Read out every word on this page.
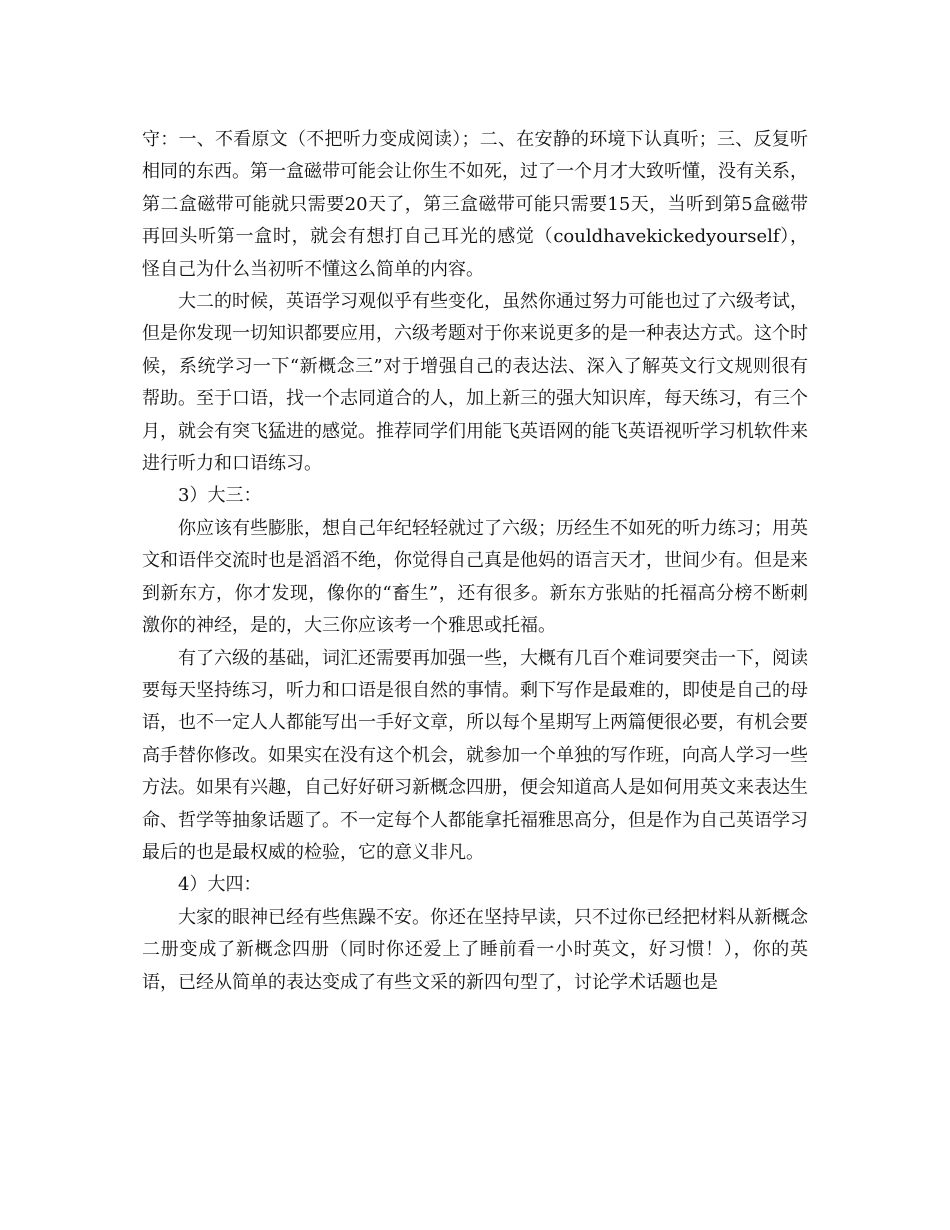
守：一、不看原文（不把听力变成阅读）；二、在安静的环境下认真听；三、反复听相同的东西。第一盒磁带可能会让你生不如死，过了一个月才大致听懂，没有关系，第二盒磁带可能就只需要20天了，第三盒磁带可能只需要15天，当听到第5盒磁带再回头听第一盒时，就会有想打自己耳光的感觉（couldhavekickedyourself），怪自己为什么当初听不懂这么简单的内容。

大二的时候，英语学习观似乎有些变化，虽然你通过努力可能也过了六级考试，但是你发现一切知识都要应用，六级考题对于你来说更多的是一种表达方式。这个时候，系统学习一下“新概念三”对于增强自己的表达法、深入了解英文行文规则很有帮助。至于口语，找一个志同道合的人，加上新三的强大知识库，每天练习，有三个月，就会有突飞猛进的感觉。推荐同学们用能飞英语网的能飞英语视听学习机软件来进行听力和口语练习。

3）大三：

你应该有些膨胀，想自己年纪轻轻就过了六级；历经生不如死的听力练习；用英文和语伴交流时也是滔滔不绝，你觉得自己真是他妈的语言天才，世间少有。但是来到新东方，你才发现，像你的“畜生”，还有很多。新东方张贴的托福高分榜不断刺激你的神经，是的，大三你应该考一个雅思或托福。

有了六级的基础，词汇还需要再加强一些，大概有几百个难词要突击一下，阅读要每天坚持练习，听力和口语是很自然的事情。剩下写作是最难的，即使是自己的母语，也不一定人人都能写出一手好文章，所以每个星期写上两篇便很必要，有机会要高手替你修改。如果实在没有这个机会，就参加一个单独的写作班，向高人学习一些方法。如果有兴趣，自己好好研习新概念四册，便会知道高人是如何用英文来表达生命、哲学等抽象话题了。不一定每个人都能拿托福雅思高分，但是作为自己英语学习最后的也是最权威的检验，它的意义非凡。

4）大四：

大家的眼神已经有些焦躁不安。你还在坚持早读，只不过你已经把材料从新概念二册变成了新概念四册（同时你还爱上了睡前看一小时英文，好习惯！），你的英语，已经从简单的表达变成了有些文采的新四句型了，讨论学术话题也是
